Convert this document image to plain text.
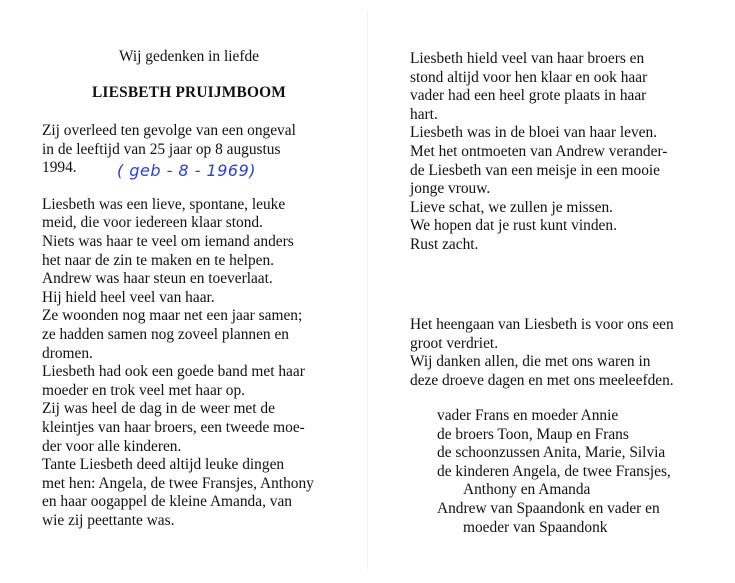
Wij gedenken in liefde
LIESBETH PRUIJMBOOM
Zij overleed ten gevolge van een ongeval
in de leeftijd van 25 jaar op 8 augustus
1994.
Liesbeth was een lieve, spontane, leuke
meid, die voor iedereen klaar stond.
Niets was haar te veel om iemand anders
het naar de zin te maken en te helpen.
Andrew was haar steun en toeverlaat.
Hij hield heel veel van haar.
Ze woonden nog maar net een jaar samen;
ze hadden samen nog zoveel plannen en
dromen.
Liesbeth had ook een goede band met haar
moeder en trok veel met haar op.
Zij was heel de dag in de weer met de
kleintjes van haar broers, een tweede moe-
der voor alle kinderen.
Tante Liesbeth deed altijd leuke dingen
met hen: Angela, de twee Fransjes, Anthony
en haar oogappel de kleine Amanda, van
wie zij peettante was.
( geb - 8 - 1969)
Liesbeth hield veel van haar broers en
stond altijd voor hen klaar en ook haar
vader had een heel grote plaats in haar
hart.
Liesbeth was in de bloei van haar leven.
Met het ontmoeten van Andrew verander-
de Liesbeth van een meisje in een mooie
jonge vrouw.
Lieve schat, we zullen je missen.
We hopen dat je rust kunt vinden.
Rust zacht.
Het heengaan van Liesbeth is voor ons een
groot verdriet.
Wij danken allen, die met ons waren in
deze droeve dagen en met ons meeleefden.
vader Frans en moeder Annie
de broers Toon, Maup en Frans
de schoonzussen Anita, Marie, Silvia
de kinderen Angela, de twee Fransjes,
Anthony en Amanda
Andrew van Spaandonk en vader en
moeder van Spaandonk
